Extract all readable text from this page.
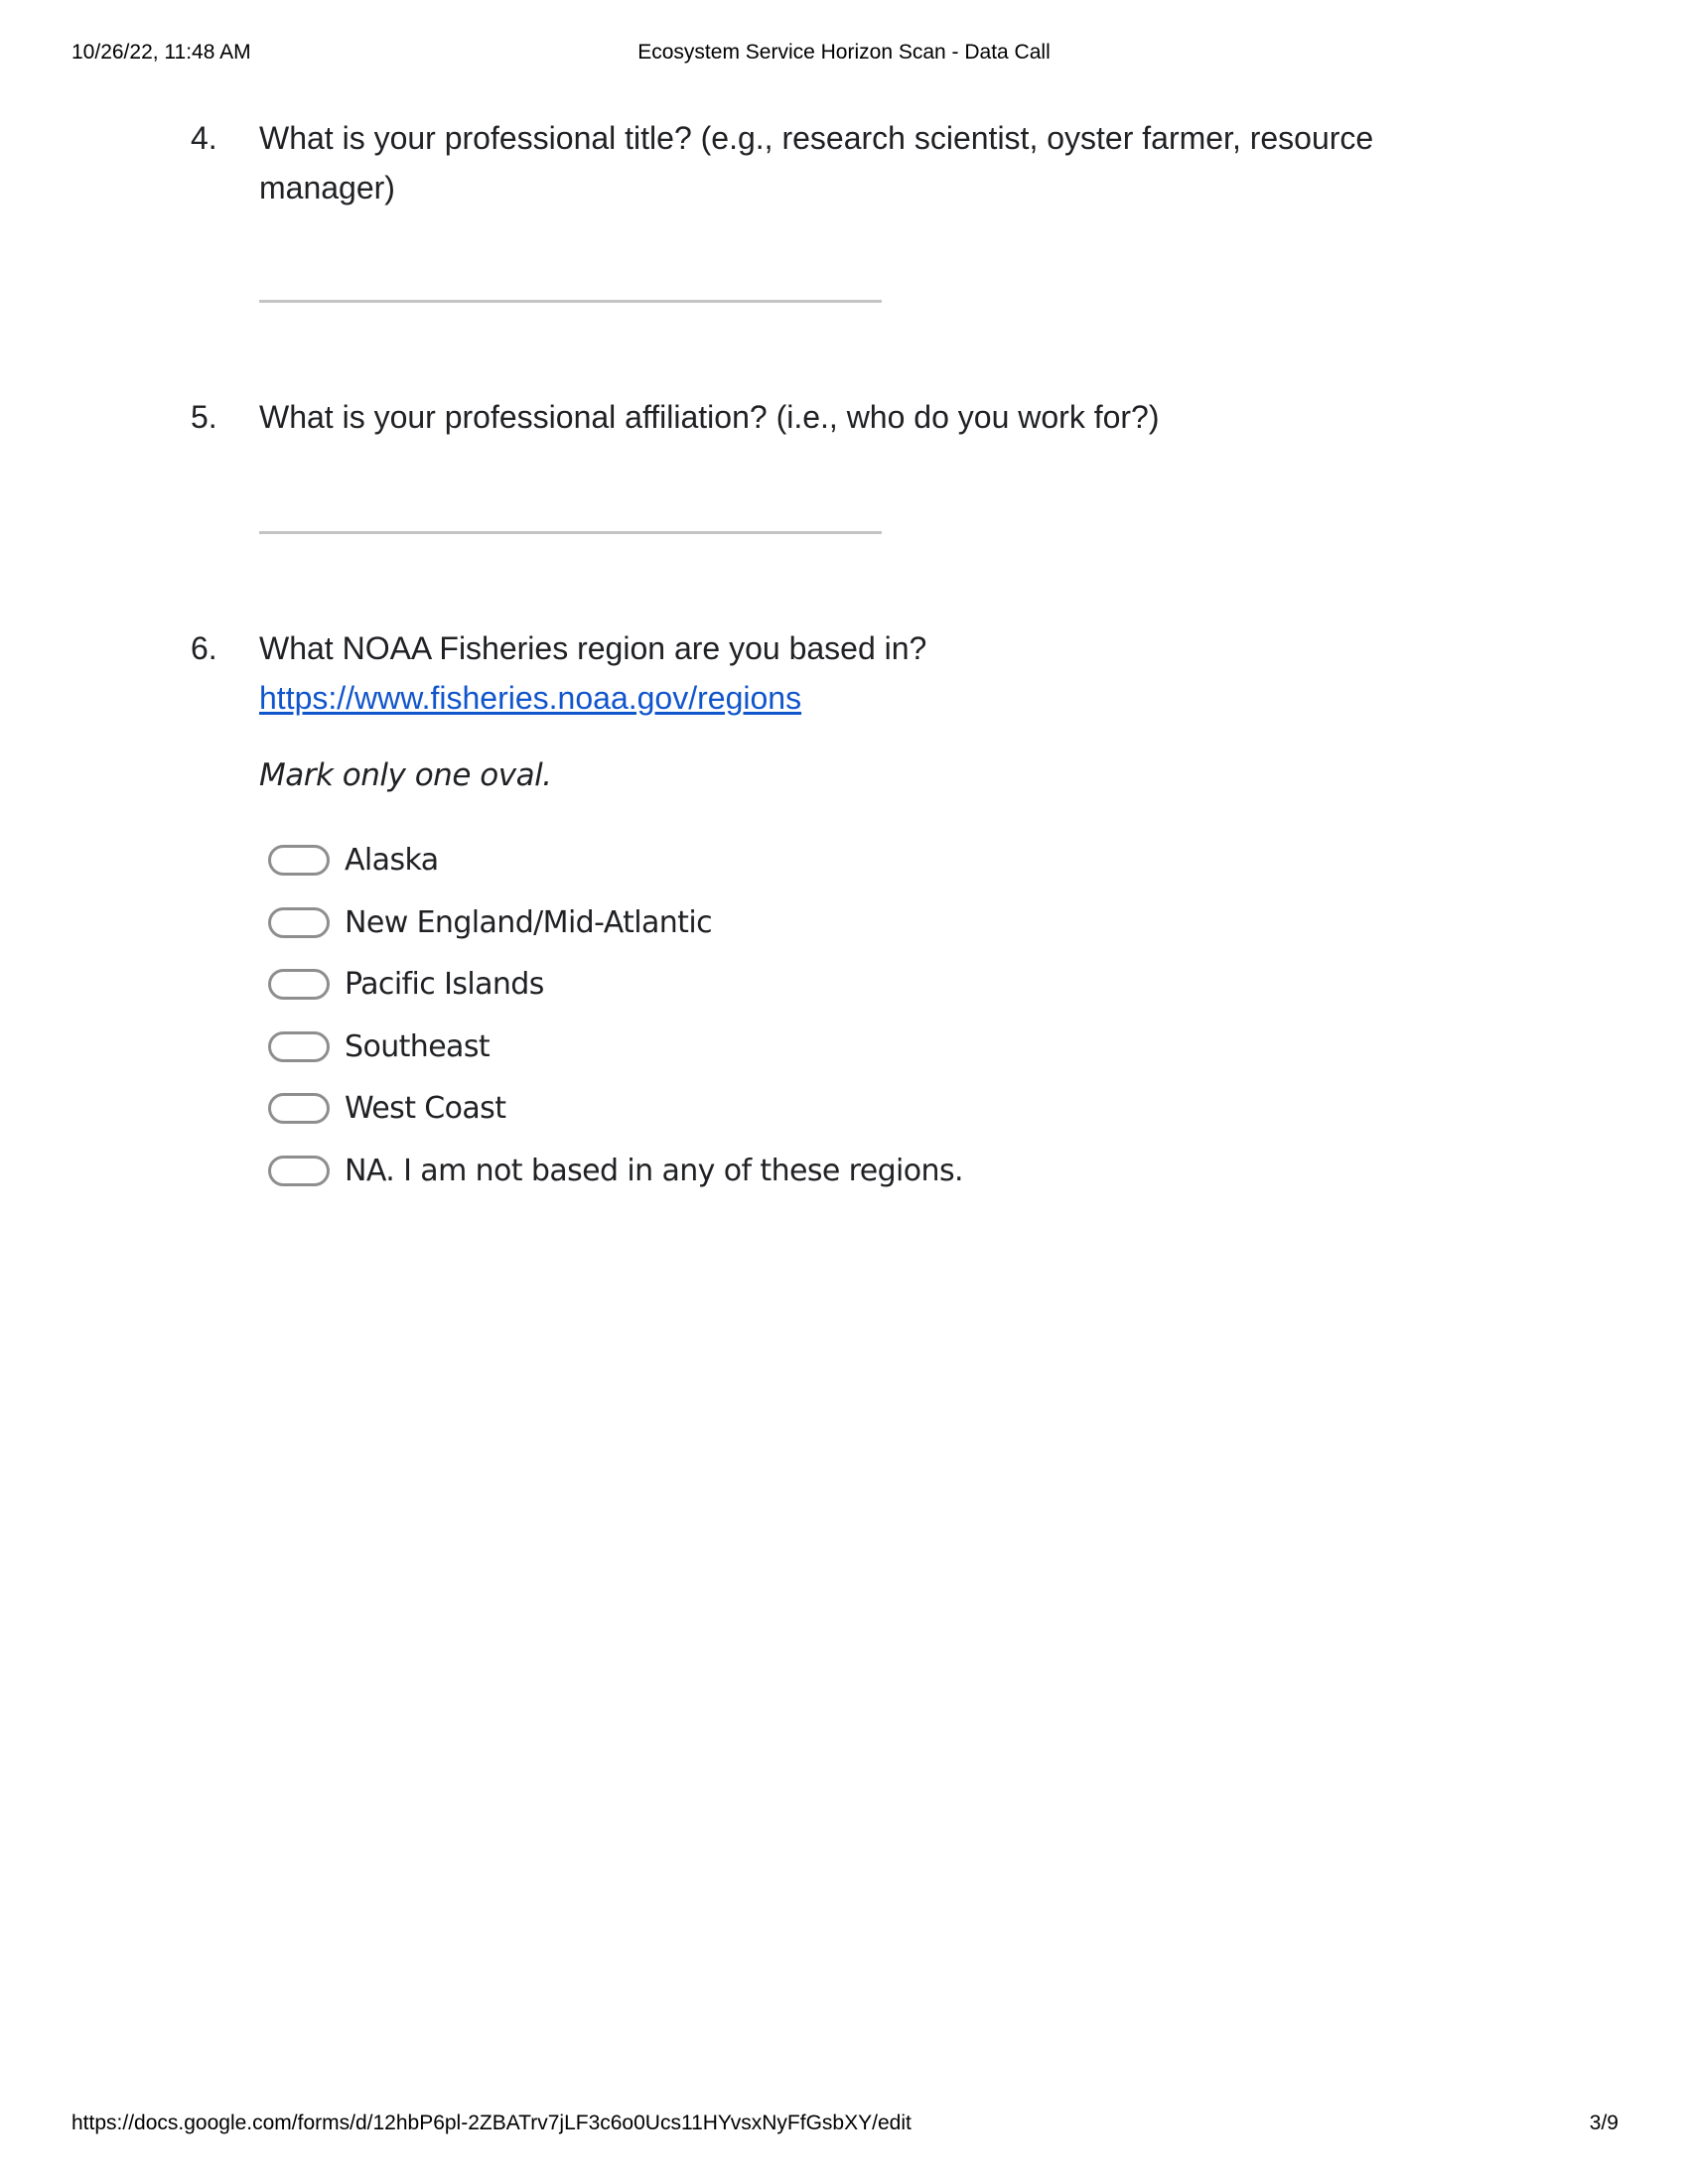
10/26/22, 11:48 AM	Ecosystem Service Horizon Scan - Data Call
4. What is your professional title? (e.g., research scientist, oyster farmer, resource
manager)
5. What is your professional affiliation? (i.e., who do you work for?)
6. What NOAA Fisheries region are you based in?
https://www.fisheries.noaa.gov/regions
Mark only one oval.
Alaska
New England/Mid-Atlantic
Pacific Islands
Southeast
West Coast
NA. I am not based in any of these regions.
https://docs.google.com/forms/d/12hbP6pl-2ZBATrv7jLF3c6o0Ucs11HYvsxNyFfGsbXY/edit	3/9
